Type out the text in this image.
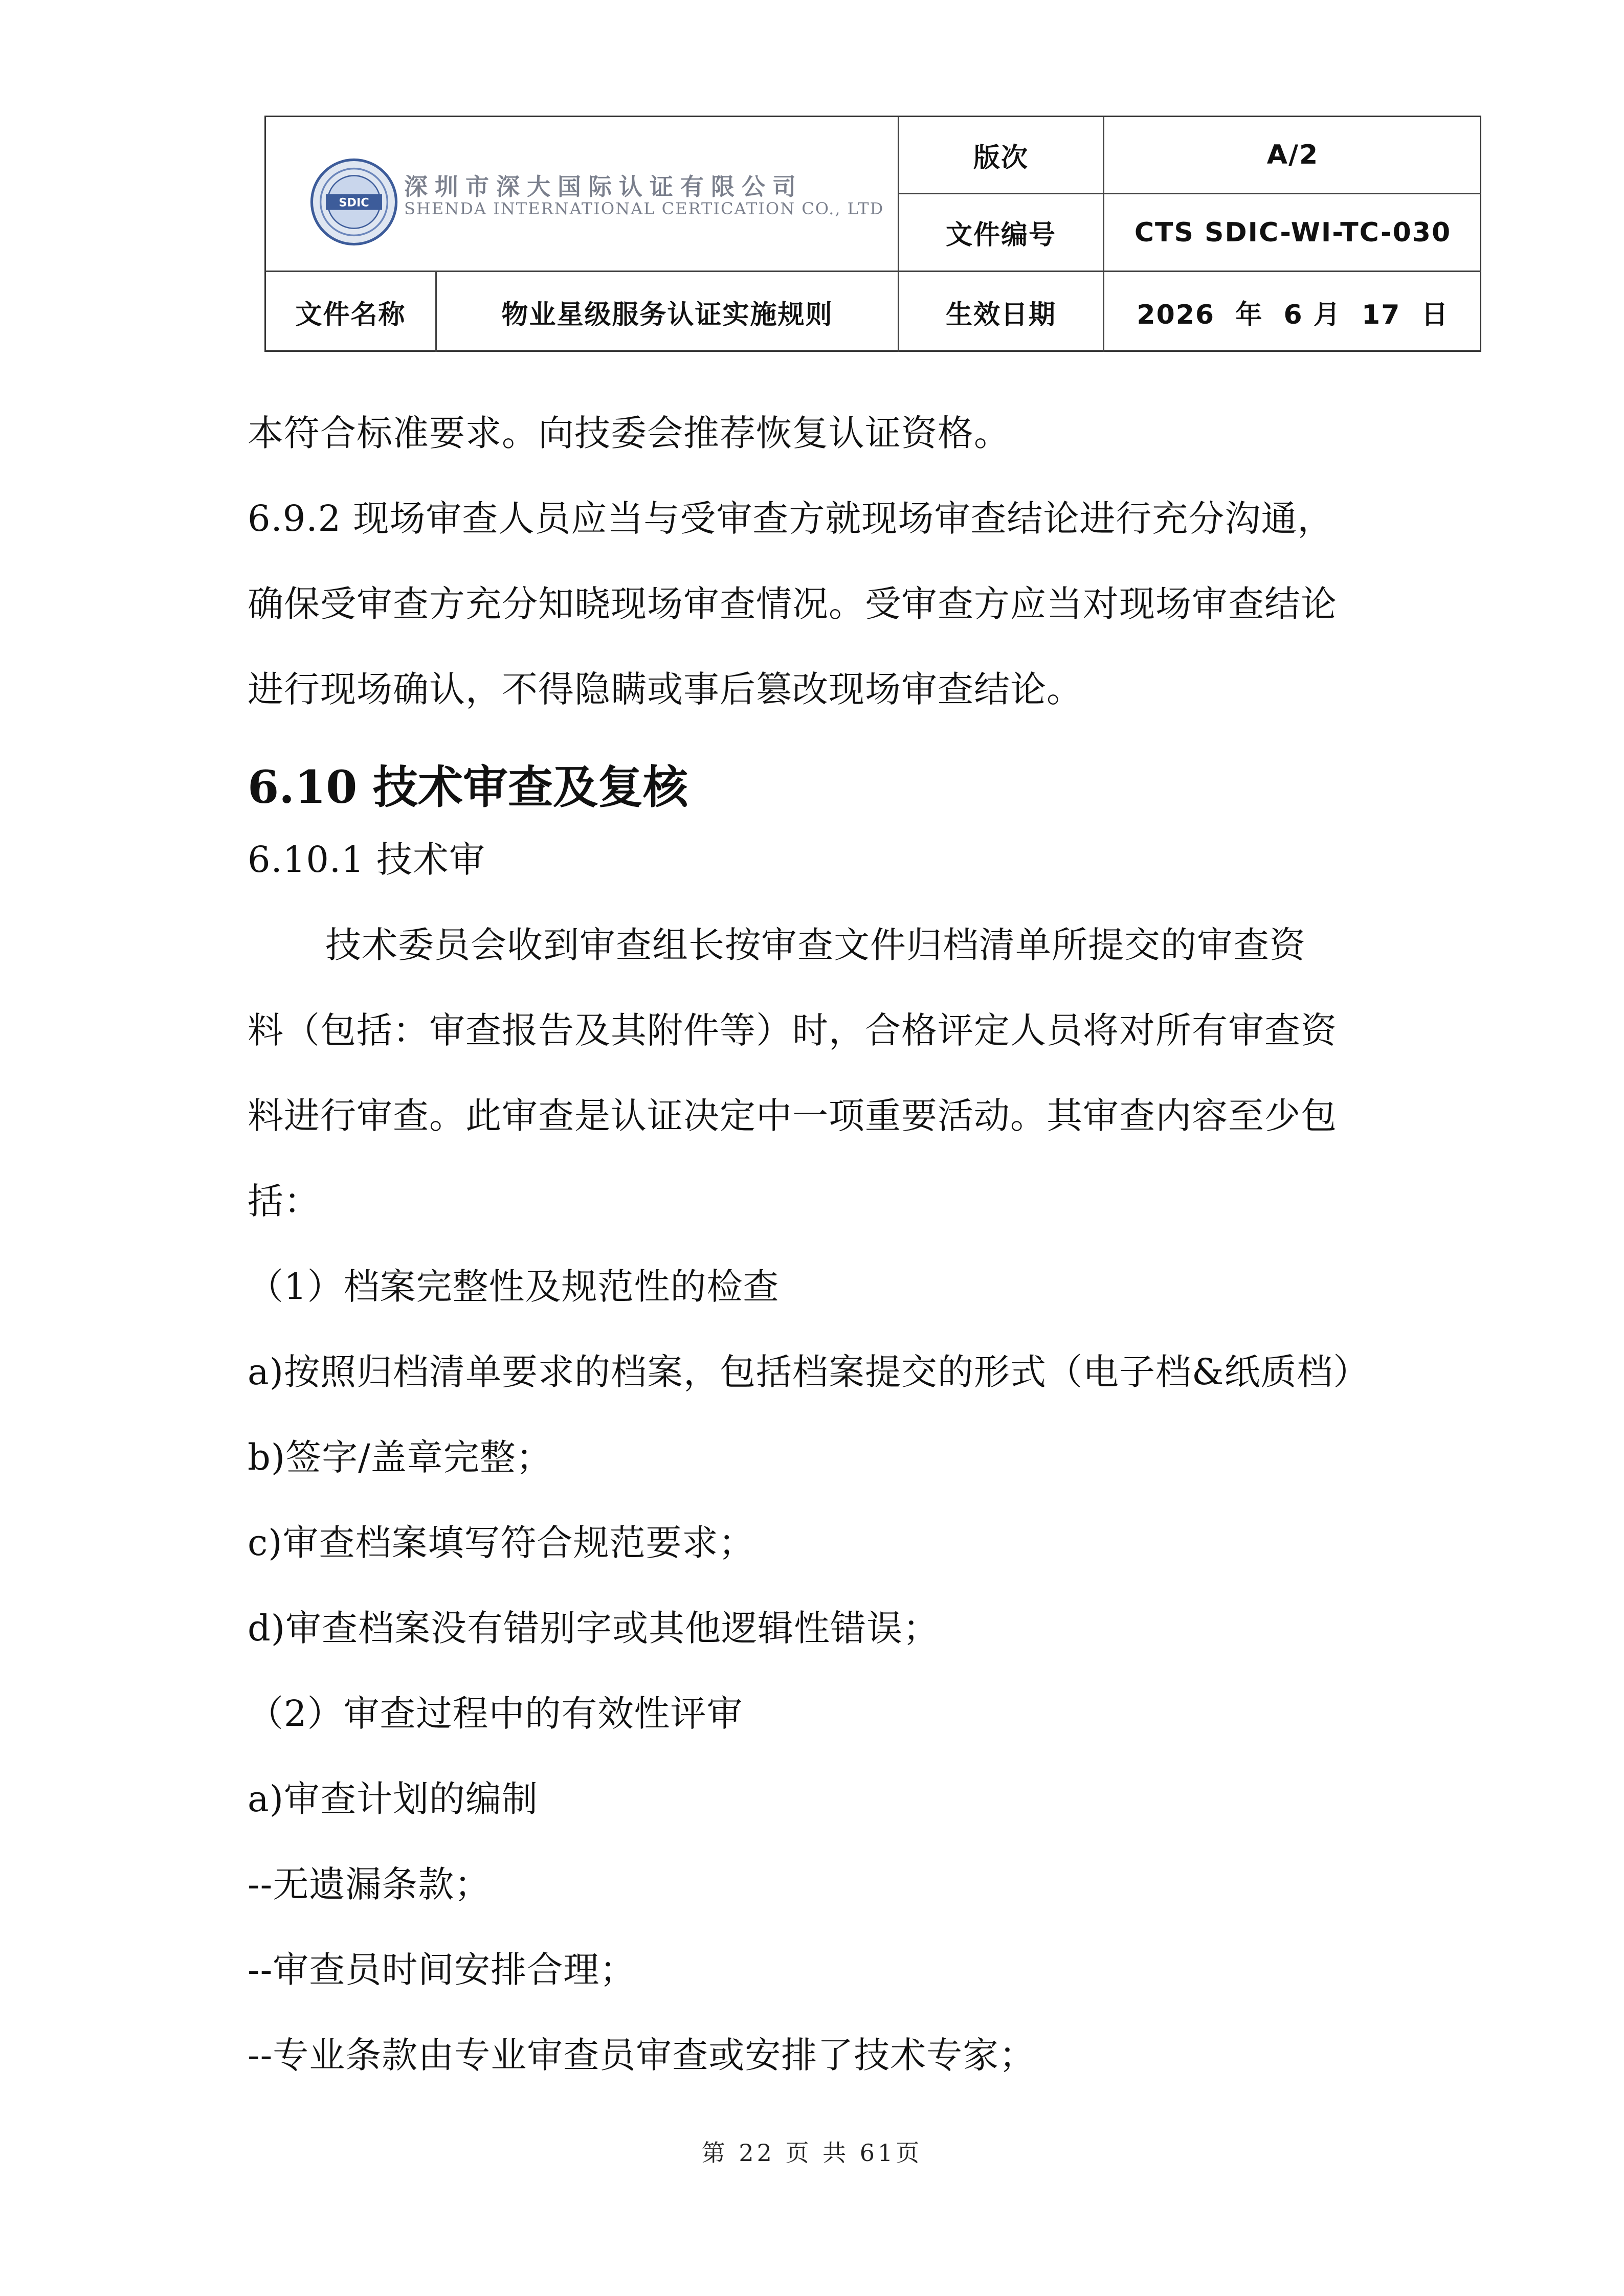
SDIC
深圳市深大国际认证有限公司
SHENDA INTERNATIONAL CERTICATION CO., LTD
版次	A/2
文件编号	CTS SDIC-WI-TC-030
文件名称	物业星级服务认证实施规则	生效日期	2026  年  6 月  17  日
本符合标准要求。向技委会推荐恢复认证资格。
6.9.2 现场审查人员应当与受审查方就现场审查结论进行充分沟通，
确保受审查方充分知晓现场审查情况。受审查方应当对现场审查结论
进行现场确认，不得隐瞒或事后篡改现场审查结论。
6.10 技术审查及复核
6.10.1 技术审
技术委员会收到审查组长按审查文件归档清单所提交的审查资
料（包括：审查报告及其附件等）时，合格评定人员将对所有审查资
料进行审查。此审查是认证决定中一项重要活动。其审查内容至少包
括：
（1）档案完整性及规范性的检查
a)按照归档清单要求的档案，包括档案提交的形式（电子档&纸质档）
b)签字/盖章完整；
c)审查档案填写符合规范要求；
d)审查档案没有错别字或其他逻辑性错误；
（2）审查过程中的有效性评审
a)审查计划的编制
--无遗漏条款；
--审查员时间安排合理；
--专业条款由专业审查员审查或安排了技术专家；
第 22 页 共 61页
